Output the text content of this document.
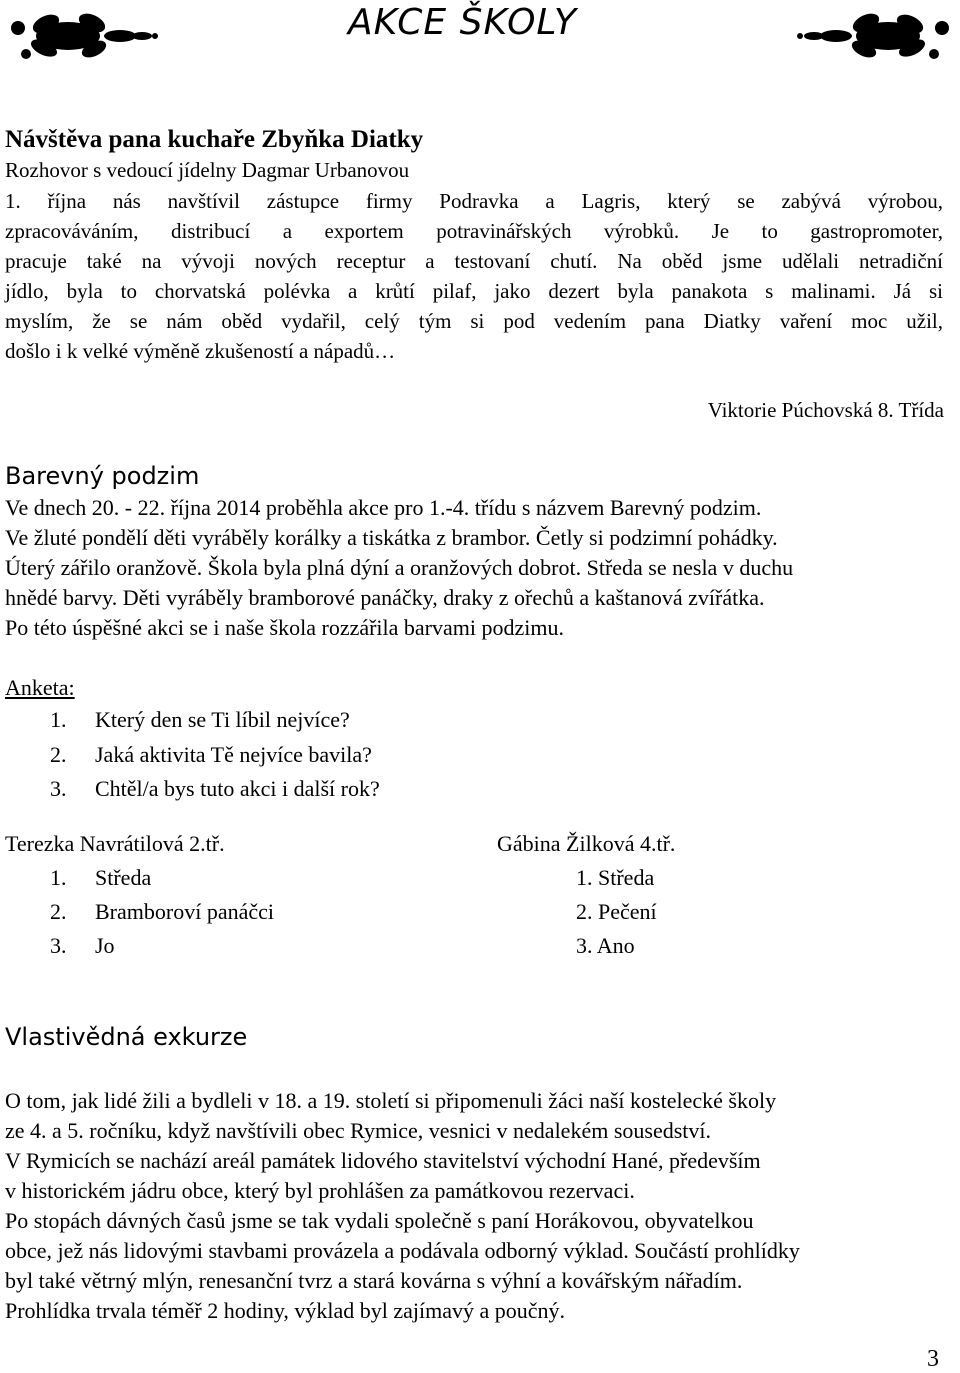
AKCE ŠKOLY
Návštěva pana kuchaře Zbyňka Diatky
Rozhovor s vedoucí jídelny Dagmar Urbanovou
1. října nás navštívil zástupce firmy Podravka a Lagris, který se zabývá výrobou,
zpracováváním, distribucí a exportem potravinářských výrobků. Je to gastropromoter,
pracuje také na vývoji nových receptur a testovaní chutí. Na oběd jsme udělali netradiční
jídlo, byla to chorvatská polévka a krůtí pilaf, jako dezert byla panakota s malinami. Já si
myslím, že se nám oběd vydařil, celý tým si pod vedením pana Diatky vaření moc užil,
došlo i k velké výměně zkušeností a nápadů…
Viktorie Púchovská 8. Třída
Barevný podzim
Ve dnech 20. - 22. října 2014 proběhla akce pro 1.-4. třídu s názvem Barevný podzim.
Ve žluté pondělí děti vyráběly korálky a tiskátka z brambor. Četly si podzimní pohádky.
Úterý zářilo oranžově. Škola byla plná dýní a oranžových dobrot. Středa se nesla v duchu
hnědé barvy. Děti vyráběly bramborové panáčky, draky z ořechů a kaštanová zvířátka.
Po této úspěšné akci se i naše škola rozzářila barvami podzimu.
Anketa:
1. Který den se Ti líbil nejvíce?
2. Jaká aktivita Tě nejvíce bavila?
3. Chtěl/a bys tuto akci i další rok?
Terezka Navrátilová 2.tř.	Gábina Žilková 4.tř.
1. Středa
2. Bramboroví panáčci
3. Jo
1. Středa
2. Pečení
3. Ano
Vlastivědná exkurze
O tom, jak lidé žili a bydleli v 18. a 19. století si připomenuli žáci naší kostelecké školy
ze 4. a 5. ročníku, když navštívili obec Rymice, vesnici v nedalekém sousedství.
V Rymicích se nachází areál památek lidového stavitelství východní Hané, především
v historickém jádru obce, který byl prohlášen za památkovou rezervaci.
Po stopách dávných časů jsme se tak vydali společně s paní Horákovou, obyvatelkou
obce, jež nás lidovými stavbami provázela a podávala odborný výklad. Součástí prohlídky
byl také větrný mlýn, renesanční tvrz a stará kovárna s výhní a kovářským nářadím.
Prohlídka trvala téměř 2 hodiny, výklad byl zajímavý a poučný.
3
